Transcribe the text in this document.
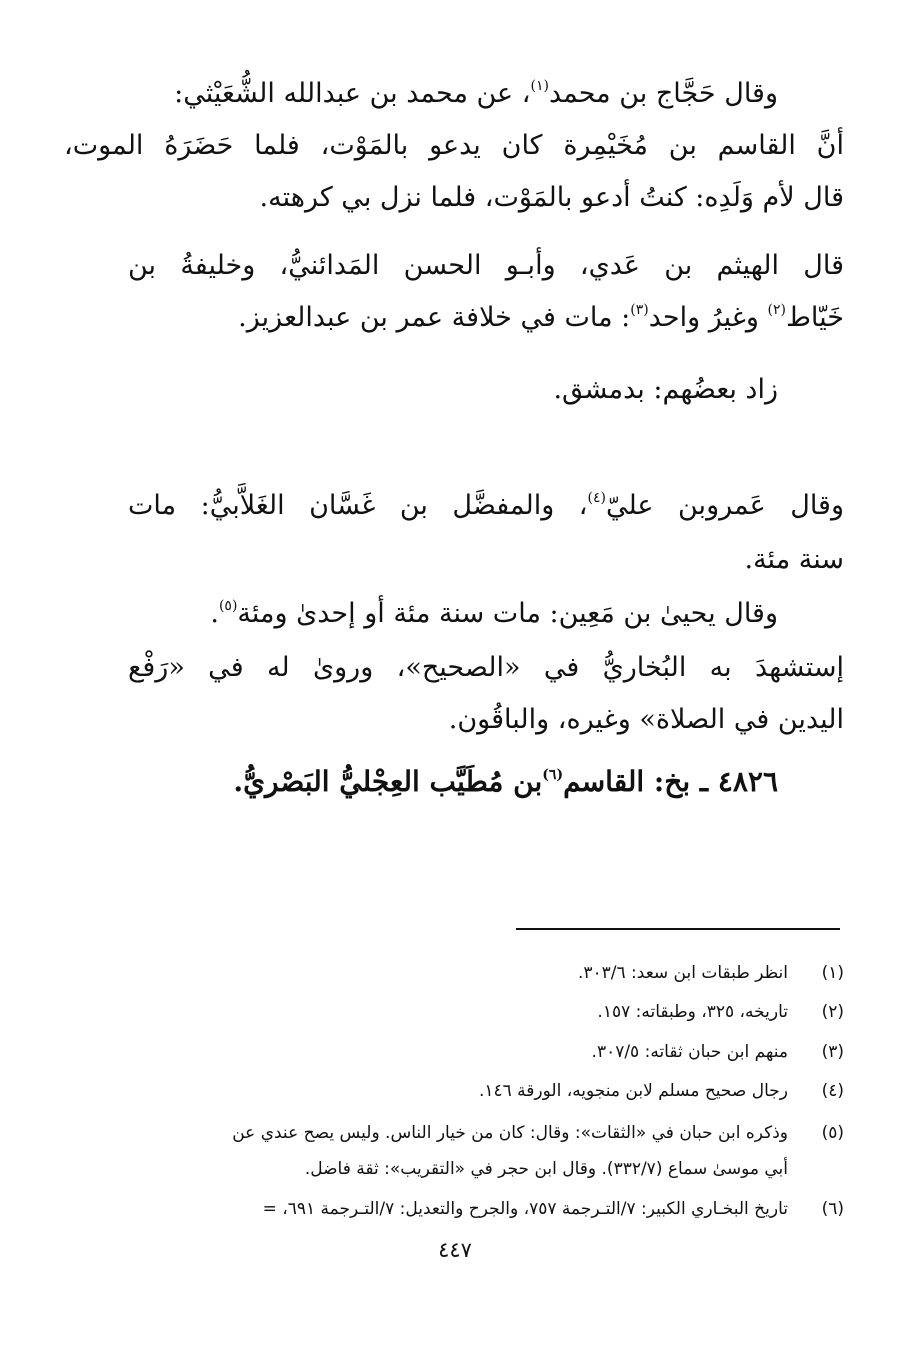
وقال حَجَّاج بن محمد$^{(١)}$، عن محمد بن عبدالله الشُّعَيْثي:
أنَّ القاسم بن مُخَيْمِرة كان يدعو بالمَوْت، فلما حَضَرَهُ الموت،
قال لأم وَلَدِه: كنتُ أدعو بالمَوْت، فلما نزل بي كرهته.
قال الهيثم بن عَدي، وأبـو الحسن المَدائنيُّ، وخليفةُ بن
خَيّاط$^{(٢)}$ وغيرُ واحد$^{(٣)}$: مات في خلافة عمر بن عبدالعزيز.
زاد بعضُهم: بدمشق.
وقال عَمروبن عليّ$^{(٤)}$، والمفضَّل بن غَسَّان الغَلاَّبيُّ: مات
سنة مئة.
وقال يحيىٰ بن مَعِين: مات سنة مئة أو إحدىٰ ومئة$^{(٥)}$.
إستشهدَ به البُخاريُّ في «الصحيح»، وروىٰ له في «رَفْع
اليدين في الصلاة» وغيره، والباقُون.
٤٨٢٦ ـ بخ: القاسم$^{(٦)}$بن مُطَيَّب العِجْليُّ البَصْريُّ.
(١)
انظر طبقات ابن سعد: ٣٠٣/٦.
(٢)
تاريخه، ٣٢٥، وطبقاته: ١٥٧.
(٣)
منهم ابن حبان ثقاته: ٣٠٧/٥.
(٤)
رجال صحيح مسلم لابن منجويه، الورقة ١٤٦.
(٥)
وذكره ابن حبان في «الثقات»: وقال: كان من خيار الناس. وليس يصح عندي عن
أبي موسىٰ سماع (٣٣٢/٧). وقال ابن حجر في «التقريب»: ثقة فاضل.
(٦)
تاريخ البخـاري الكبير: ٧/التـرجمة ٧٥٧، والجرح والتعديل: ٧/التـرجمة ٦٩١، =
٤٤٧
